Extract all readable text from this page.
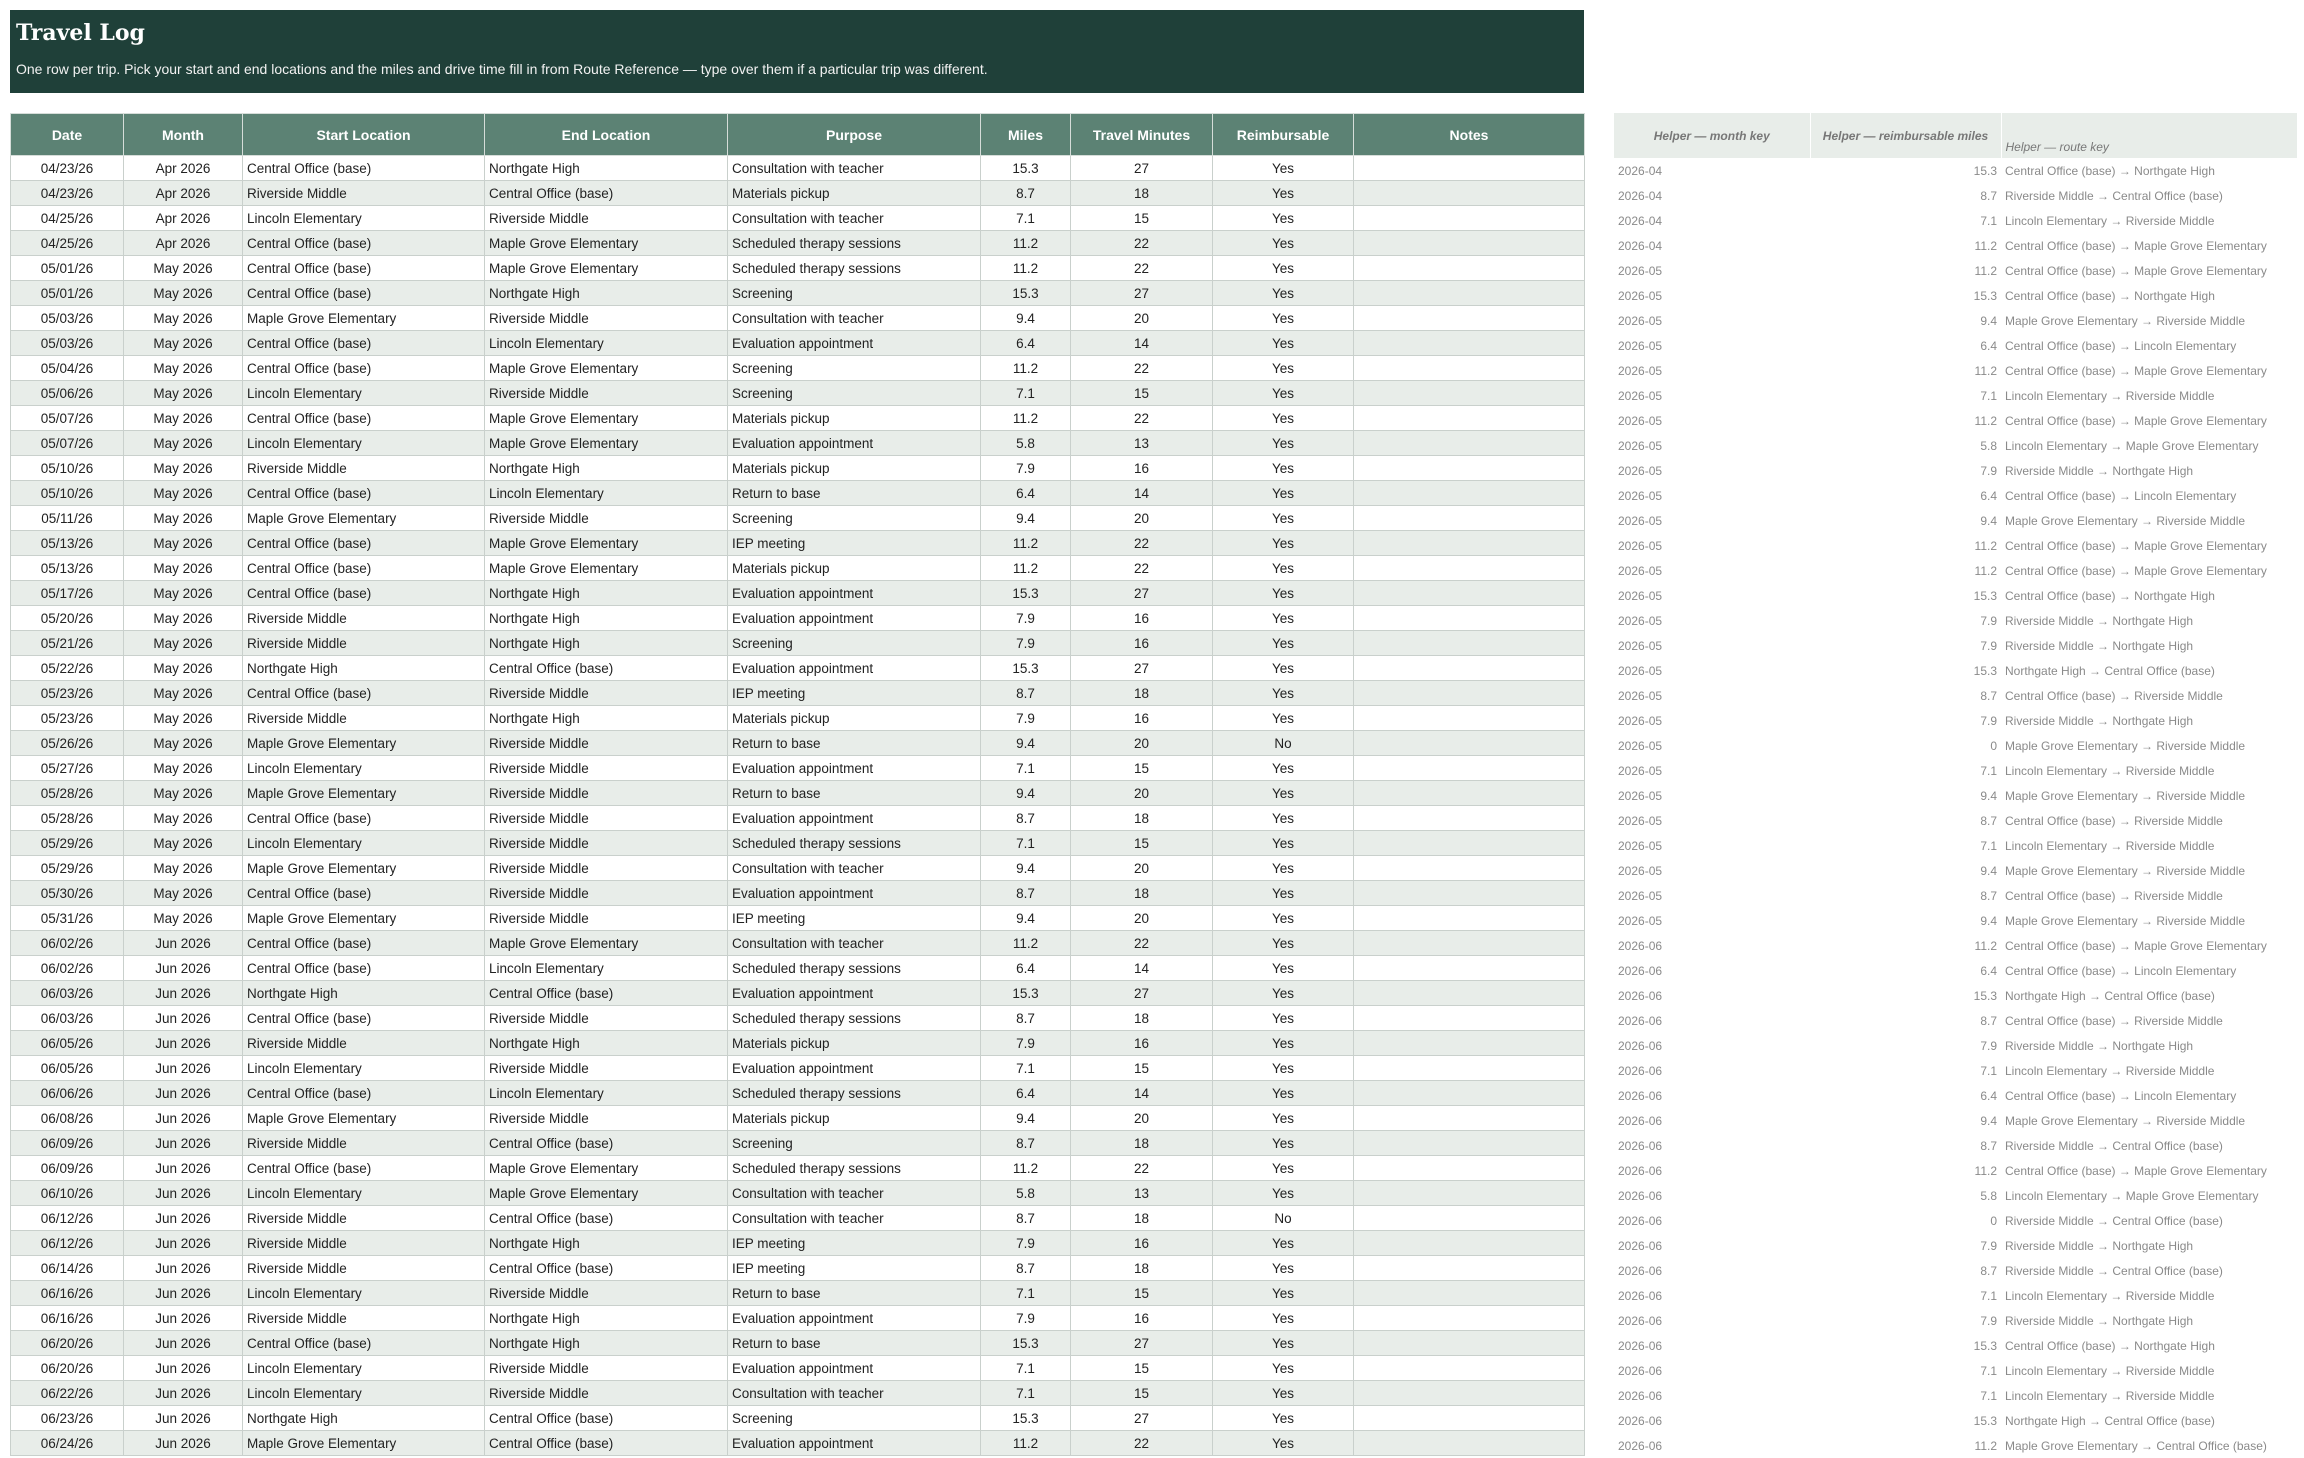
Travel Log
One row per trip. Pick your start and end locations and the miles and drive time fill in from Route Reference — type over them if a particular trip was different.
Date	Month	Start Location	End Location	Purpose	Miles	Travel Minutes	Reimbursable	Notes
04/23/26	Apr 2026	Central Office (base)	Northgate High	Consultation with teacher	15.3	27	Yes	
04/23/26	Apr 2026	Riverside Middle	Central Office (base)	Materials pickup	8.7	18	Yes	
04/25/26	Apr 2026	Lincoln Elementary	Riverside Middle	Consultation with teacher	7.1	15	Yes	
04/25/26	Apr 2026	Central Office (base)	Maple Grove Elementary	Scheduled therapy sessions	11.2	22	Yes	
05/01/26	May 2026	Central Office (base)	Maple Grove Elementary	Scheduled therapy sessions	11.2	22	Yes	
05/01/26	May 2026	Central Office (base)	Northgate High	Screening	15.3	27	Yes	
05/03/26	May 2026	Maple Grove Elementary	Riverside Middle	Consultation with teacher	9.4	20	Yes	
05/03/26	May 2026	Central Office (base)	Lincoln Elementary	Evaluation appointment	6.4	14	Yes	
05/04/26	May 2026	Central Office (base)	Maple Grove Elementary	Screening	11.2	22	Yes	
05/06/26	May 2026	Lincoln Elementary	Riverside Middle	Screening	7.1	15	Yes	
05/07/26	May 2026	Central Office (base)	Maple Grove Elementary	Materials pickup	11.2	22	Yes	
05/07/26	May 2026	Lincoln Elementary	Maple Grove Elementary	Evaluation appointment	5.8	13	Yes	
05/10/26	May 2026	Riverside Middle	Northgate High	Materials pickup	7.9	16	Yes	
05/10/26	May 2026	Central Office (base)	Lincoln Elementary	Return to base	6.4	14	Yes	
05/11/26	May 2026	Maple Grove Elementary	Riverside Middle	Screening	9.4	20	Yes	
05/13/26	May 2026	Central Office (base)	Maple Grove Elementary	IEP meeting	11.2	22	Yes	
05/13/26	May 2026	Central Office (base)	Maple Grove Elementary	Materials pickup	11.2	22	Yes	
05/17/26	May 2026	Central Office (base)	Northgate High	Evaluation appointment	15.3	27	Yes	
05/20/26	May 2026	Riverside Middle	Northgate High	Evaluation appointment	7.9	16	Yes	
05/21/26	May 2026	Riverside Middle	Northgate High	Screening	7.9	16	Yes	
05/22/26	May 2026	Northgate High	Central Office (base)	Evaluation appointment	15.3	27	Yes	
05/23/26	May 2026	Central Office (base)	Riverside Middle	IEP meeting	8.7	18	Yes	
05/23/26	May 2026	Riverside Middle	Northgate High	Materials pickup	7.9	16	Yes	
05/26/26	May 2026	Maple Grove Elementary	Riverside Middle	Return to base	9.4	20	No	
05/27/26	May 2026	Lincoln Elementary	Riverside Middle	Evaluation appointment	7.1	15	Yes	
05/28/26	May 2026	Maple Grove Elementary	Riverside Middle	Return to base	9.4	20	Yes	
05/28/26	May 2026	Central Office (base)	Riverside Middle	Evaluation appointment	8.7	18	Yes	
05/29/26	May 2026	Lincoln Elementary	Riverside Middle	Scheduled therapy sessions	7.1	15	Yes	
05/29/26	May 2026	Maple Grove Elementary	Riverside Middle	Consultation with teacher	9.4	20	Yes	
05/30/26	May 2026	Central Office (base)	Riverside Middle	Evaluation appointment	8.7	18	Yes	
05/31/26	May 2026	Maple Grove Elementary	Riverside Middle	IEP meeting	9.4	20	Yes	
06/02/26	Jun 2026	Central Office (base)	Maple Grove Elementary	Consultation with teacher	11.2	22	Yes	
06/02/26	Jun 2026	Central Office (base)	Lincoln Elementary	Scheduled therapy sessions	6.4	14	Yes	
06/03/26	Jun 2026	Northgate High	Central Office (base)	Evaluation appointment	15.3	27	Yes	
06/03/26	Jun 2026	Central Office (base)	Riverside Middle	Scheduled therapy sessions	8.7	18	Yes	
06/05/26	Jun 2026	Riverside Middle	Northgate High	Materials pickup	7.9	16	Yes	
06/05/26	Jun 2026	Lincoln Elementary	Riverside Middle	Evaluation appointment	7.1	15	Yes	
06/06/26	Jun 2026	Central Office (base)	Lincoln Elementary	Scheduled therapy sessions	6.4	14	Yes	
06/08/26	Jun 2026	Maple Grove Elementary	Riverside Middle	Materials pickup	9.4	20	Yes	
06/09/26	Jun 2026	Riverside Middle	Central Office (base)	Screening	8.7	18	Yes	
06/09/26	Jun 2026	Central Office (base)	Maple Grove Elementary	Scheduled therapy sessions	11.2	22	Yes	
06/10/26	Jun 2026	Lincoln Elementary	Maple Grove Elementary	Consultation with teacher	5.8	13	Yes	
06/12/26	Jun 2026	Riverside Middle	Central Office (base)	Consultation with teacher	8.7	18	No	
06/12/26	Jun 2026	Riverside Middle	Northgate High	IEP meeting	7.9	16	Yes	
06/14/26	Jun 2026	Riverside Middle	Central Office (base)	IEP meeting	8.7	18	Yes	
06/16/26	Jun 2026	Lincoln Elementary	Riverside Middle	Return to base	7.1	15	Yes	
06/16/26	Jun 2026	Riverside Middle	Northgate High	Evaluation appointment	7.9	16	Yes	
06/20/26	Jun 2026	Central Office (base)	Northgate High	Return to base	15.3	27	Yes	
06/20/26	Jun 2026	Lincoln Elementary	Riverside Middle	Evaluation appointment	7.1	15	Yes	
06/22/26	Jun 2026	Lincoln Elementary	Riverside Middle	Consultation with teacher	7.1	15	Yes	
06/23/26	Jun 2026	Northgate High	Central Office (base)	Screening	15.3	27	Yes	
06/24/26	Jun 2026	Maple Grove Elementary	Central Office (base)	Evaluation appointment	11.2	22	Yes	
Helper — month key	Helper — reimbursable miles	Helper — route key
2026-04	15.3	Central Office (base) → Northgate High
2026-04	8.7	Riverside Middle → Central Office (base)
2026-04	7.1	Lincoln Elementary → Riverside Middle
2026-04	11.2	Central Office (base) → Maple Grove Elementary
2026-05	11.2	Central Office (base) → Maple Grove Elementary
2026-05	15.3	Central Office (base) → Northgate High
2026-05	9.4	Maple Grove Elementary → Riverside Middle
2026-05	6.4	Central Office (base) → Lincoln Elementary
2026-05	11.2	Central Office (base) → Maple Grove Elementary
2026-05	7.1	Lincoln Elementary → Riverside Middle
2026-05	11.2	Central Office (base) → Maple Grove Elementary
2026-05	5.8	Lincoln Elementary → Maple Grove Elementary
2026-05	7.9	Riverside Middle → Northgate High
2026-05	6.4	Central Office (base) → Lincoln Elementary
2026-05	9.4	Maple Grove Elementary → Riverside Middle
2026-05	11.2	Central Office (base) → Maple Grove Elementary
2026-05	11.2	Central Office (base) → Maple Grove Elementary
2026-05	15.3	Central Office (base) → Northgate High
2026-05	7.9	Riverside Middle → Northgate High
2026-05	7.9	Riverside Middle → Northgate High
2026-05	15.3	Northgate High → Central Office (base)
2026-05	8.7	Central Office (base) → Riverside Middle
2026-05	7.9	Riverside Middle → Northgate High
2026-05	0	Maple Grove Elementary → Riverside Middle
2026-05	7.1	Lincoln Elementary → Riverside Middle
2026-05	9.4	Maple Grove Elementary → Riverside Middle
2026-05	8.7	Central Office (base) → Riverside Middle
2026-05	7.1	Lincoln Elementary → Riverside Middle
2026-05	9.4	Maple Grove Elementary → Riverside Middle
2026-05	8.7	Central Office (base) → Riverside Middle
2026-05	9.4	Maple Grove Elementary → Riverside Middle
2026-06	11.2	Central Office (base) → Maple Grove Elementary
2026-06	6.4	Central Office (base) → Lincoln Elementary
2026-06	15.3	Northgate High → Central Office (base)
2026-06	8.7	Central Office (base) → Riverside Middle
2026-06	7.9	Riverside Middle → Northgate High
2026-06	7.1	Lincoln Elementary → Riverside Middle
2026-06	6.4	Central Office (base) → Lincoln Elementary
2026-06	9.4	Maple Grove Elementary → Riverside Middle
2026-06	8.7	Riverside Middle → Central Office (base)
2026-06	11.2	Central Office (base) → Maple Grove Elementary
2026-06	5.8	Lincoln Elementary → Maple Grove Elementary
2026-06	0	Riverside Middle → Central Office (base)
2026-06	7.9	Riverside Middle → Northgate High
2026-06	8.7	Riverside Middle → Central Office (base)
2026-06	7.1	Lincoln Elementary → Riverside Middle
2026-06	7.9	Riverside Middle → Northgate High
2026-06	15.3	Central Office (base) → Northgate High
2026-06	7.1	Lincoln Elementary → Riverside Middle
2026-06	7.1	Lincoln Elementary → Riverside Middle
2026-06	15.3	Northgate High → Central Office (base)
2026-06	11.2	Maple Grove Elementary → Central Office (base)
